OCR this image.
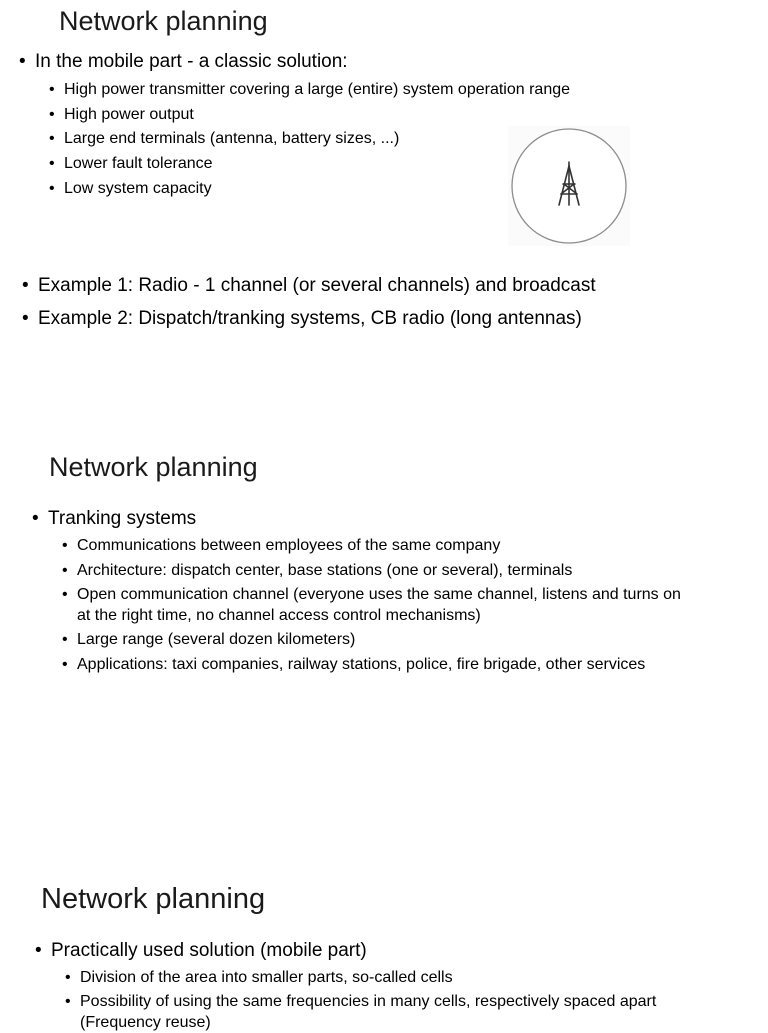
Network planning
• In the mobile part - a classic solution:
• High power transmitter covering a large (entire) system operation range
• High power output
• Large end terminals (antenna, battery sizes, ...)
• Lower fault tolerance
• Low system capacity
• Example 1: Radio - 1 channel (or several channels) and broadcast
• Example 2: Dispatch/tranking systems, CB radio (long antennas)
Network planning
• Tranking systems
• Communications between employees of the same company
• Architecture: dispatch center, base stations (one or several), terminals
• Open communication channel (everyone uses the same channel, listens and turns on at the right time, no channel access control mechanisms)
• Large range (several dozen kilometers)
• Applications: taxi companies, railway stations, police, fire brigade, other services
Network planning
• Practically used solution (mobile part)
• Division of the area into smaller parts, so-called cells
• Possibility of using the same frequencies in many cells, respectively spaced apart (Frequency reuse)
